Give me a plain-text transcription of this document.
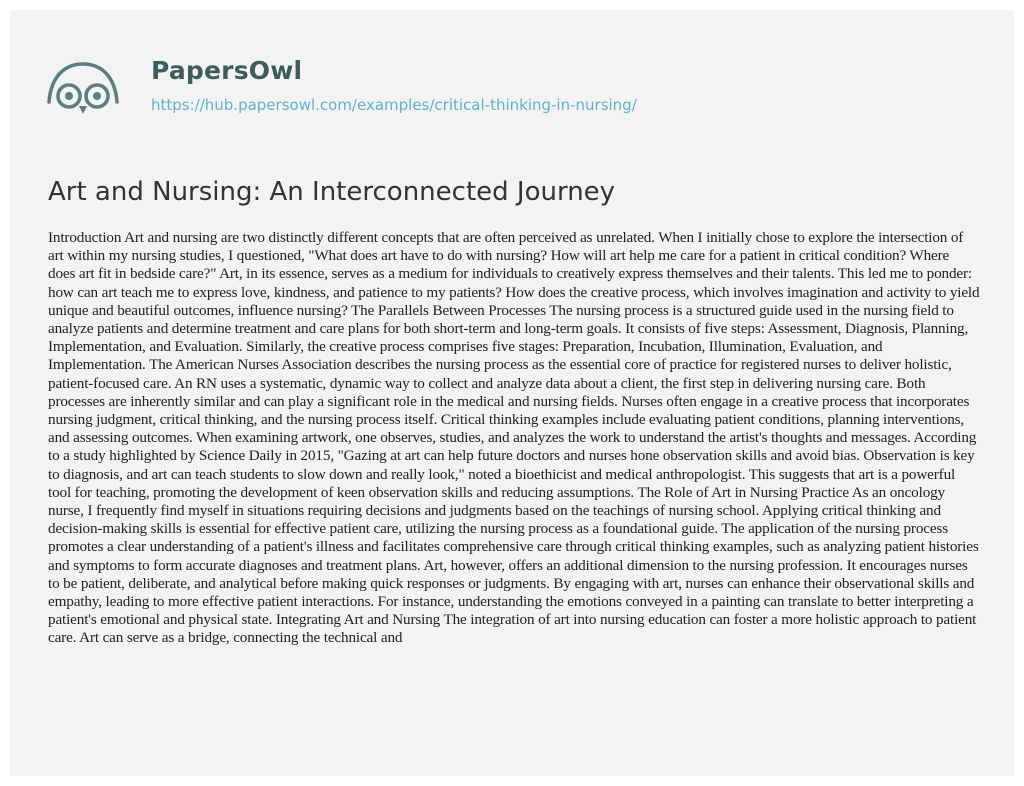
PapersOwl
https://hub.papersowl.com/examples/critical-thinking-in-nursing/
Art and Nursing: An Interconnected Journey

Introduction Art and nursing are two distinctly different concepts that are often perceived as unrelated. When I initially chose to explore the intersection of art within my nursing studies, I questioned, "What does art have to do with nursing? How will art help me care for a patient in critical condition? Where does art fit in bedside care?" Art, in its essence, serves as a medium for individuals to creatively express themselves and their talents. This led me to ponder: how can art teach me to express love, kindness, and patience to my patients? How does the creative process, which involves imagination and activity to yield unique and beautiful outcomes, influence nursing? The Parallels Between Processes The nursing process is a structured guide used in the nursing field to analyze patients and determine treatment and care plans for both short-term and long-term goals. It consists of five steps: Assessment, Diagnosis, Planning, Implementation, and Evaluation. Similarly, the creative process comprises five stages: Preparation, Incubation, Illumination, Evaluation, and Implementation. The American Nurses Association describes the nursing process as the essential core of practice for registered nurses to deliver holistic, patient-focused care. An RN uses a systematic, dynamic way to collect and analyze data about a client, the first step in delivering nursing care. Both processes are inherently similar and can play a significant role in the medical and nursing fields. Nurses often engage in a creative process that incorporates nursing judgment, critical thinking, and the nursing process itself. Critical thinking examples include evaluating patient conditions, planning interventions, and assessing outcomes. When examining artwork, one observes, studies, and analyzes the work to understand the artist's thoughts and messages. According to a study highlighted by Science Daily in 2015, "Gazing at art can help future doctors and nurses hone observation skills and avoid bias. Observation is key to diagnosis, and art can teach students to slow down and really look," noted a bioethicist and medical anthropologist. This suggests that art is a powerful tool for teaching, promoting the development of keen observation skills and reducing assumptions. The Role of Art in Nursing Practice As an oncology nurse, I frequently find myself in situations requiring decisions and judgments based on the teachings of nursing school. Applying critical thinking and decision-making skills is essential for effective patient care, utilizing the nursing process as a foundational guide. The application of the nursing process promotes a clear understanding of a patient's illness and facilitates comprehensive care through critical thinking examples, such as analyzing patient histories and symptoms to form accurate diagnoses and treatment plans. Art, however, offers an additional dimension to the nursing profession. It encourages nurses to be patient, deliberate, and analytical before making quick responses or judgments. By engaging with art, nurses can enhance their observational skills and empathy, leading to more effective patient interactions. For instance, understanding the emotions conveyed in a painting can translate to better interpreting a patient's emotional and physical state. Integrating Art and Nursing The integration of art into nursing education can foster a more holistic approach to patient care. Art can serve as a bridge, connecting the technical and
